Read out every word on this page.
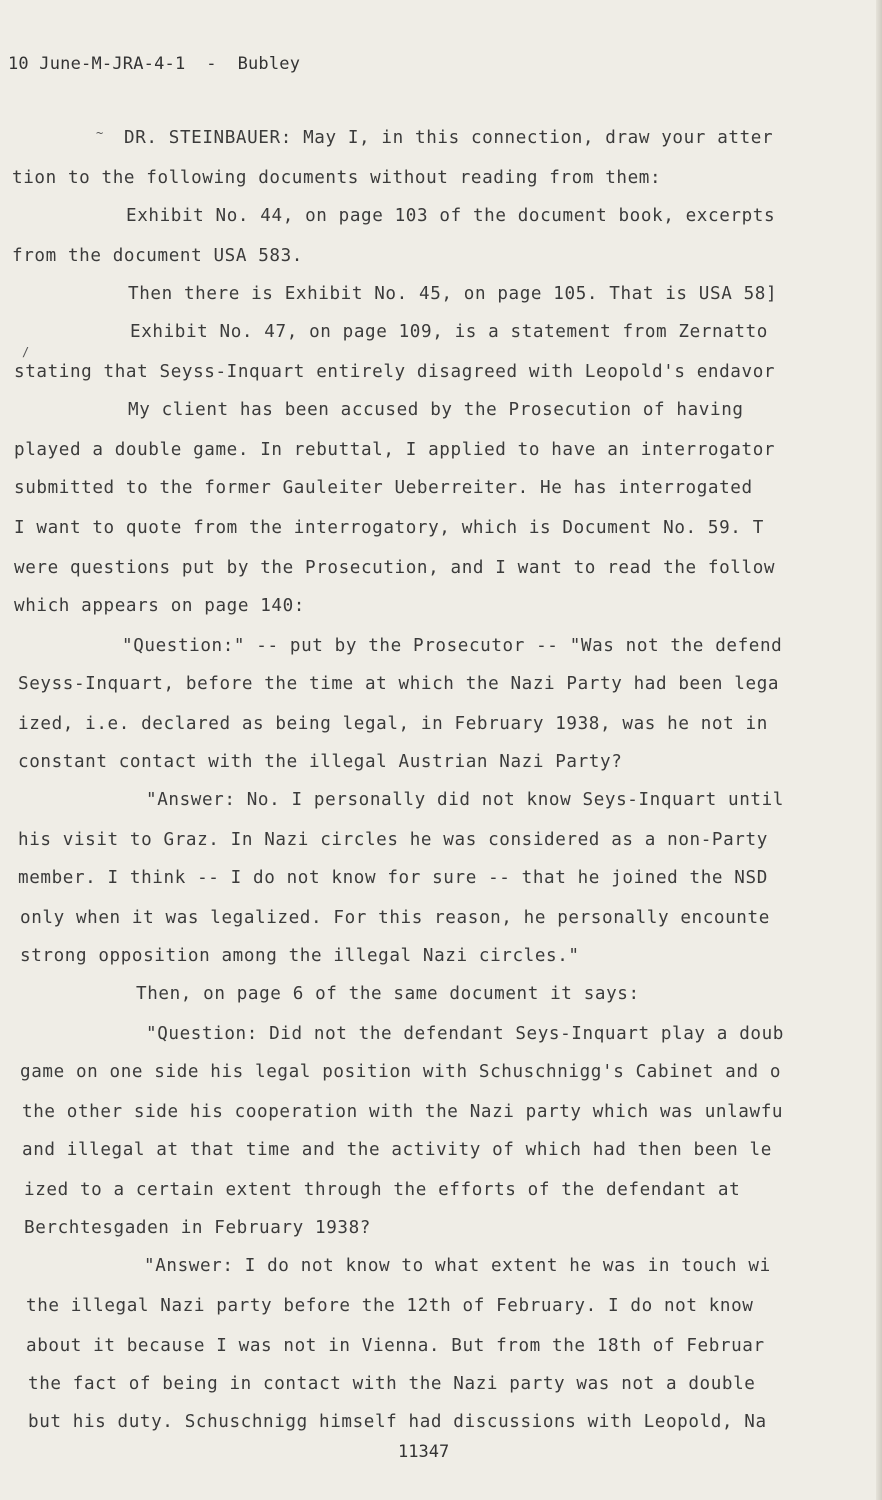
10 June-M-JRA-4-1  -  Bubley
~
/
DR. STEINBAUER: May I, in this connection, draw your atter
tion to the following documents without reading from them:
Exhibit No. 44, on page 103 of the document book, excerpts
from the document USA 583.
Then there is Exhibit No. 45, on page 105. That is USA 58]
Exhibit No. 47, on page 109, is a statement from Zernatto
stating that Seyss-Inquart entirely disagreed with Leopold's endavor
My client has been accused by the Prosecution of having
played a double game. In rebuttal, I applied to have an interrogator
submitted to the former Gauleiter Ueberreiter. He has interrogated
I want to quote from the interrogatory, which is Document No. 59. T
were questions put by the Prosecution, and I want to read the follow
which appears on page 140:
"Question:" -- put by the Prosecutor -- "Was not the defend
Seyss-Inquart, before the time at which the Nazi Party had been lega
ized, i.e. declared as being legal, in February 1938, was he not in
constant contact with the illegal Austrian Nazi Party?
"Answer: No. I personally did not know Seys-Inquart until
his visit to Graz. In Nazi circles he was considered as a non-Party
member. I think -- I do not know for sure -- that he joined the NSD
only when it was legalized. For this reason, he personally encounte
strong opposition among the illegal Nazi circles."
Then, on page 6 of the same document it says:
"Question: Did not the defendant Seys-Inquart play a doub
game on one side his legal position with Schuschnigg's Cabinet and o
the other side his cooperation with the Nazi party which was unlawfu
and illegal at that time and the activity of which had then been le
ized to a certain extent through the efforts of the defendant at
Berchtesgaden in February 1938?
"Answer: I do not know to what extent he was in touch wi
the illegal Nazi party before the 12th of February. I do not know
about it because I was not in Vienna. But from the 18th of Februar
the fact of being in contact with the Nazi party was not a double
but his duty. Schuschnigg himself had discussions with Leopold, Na
11347
